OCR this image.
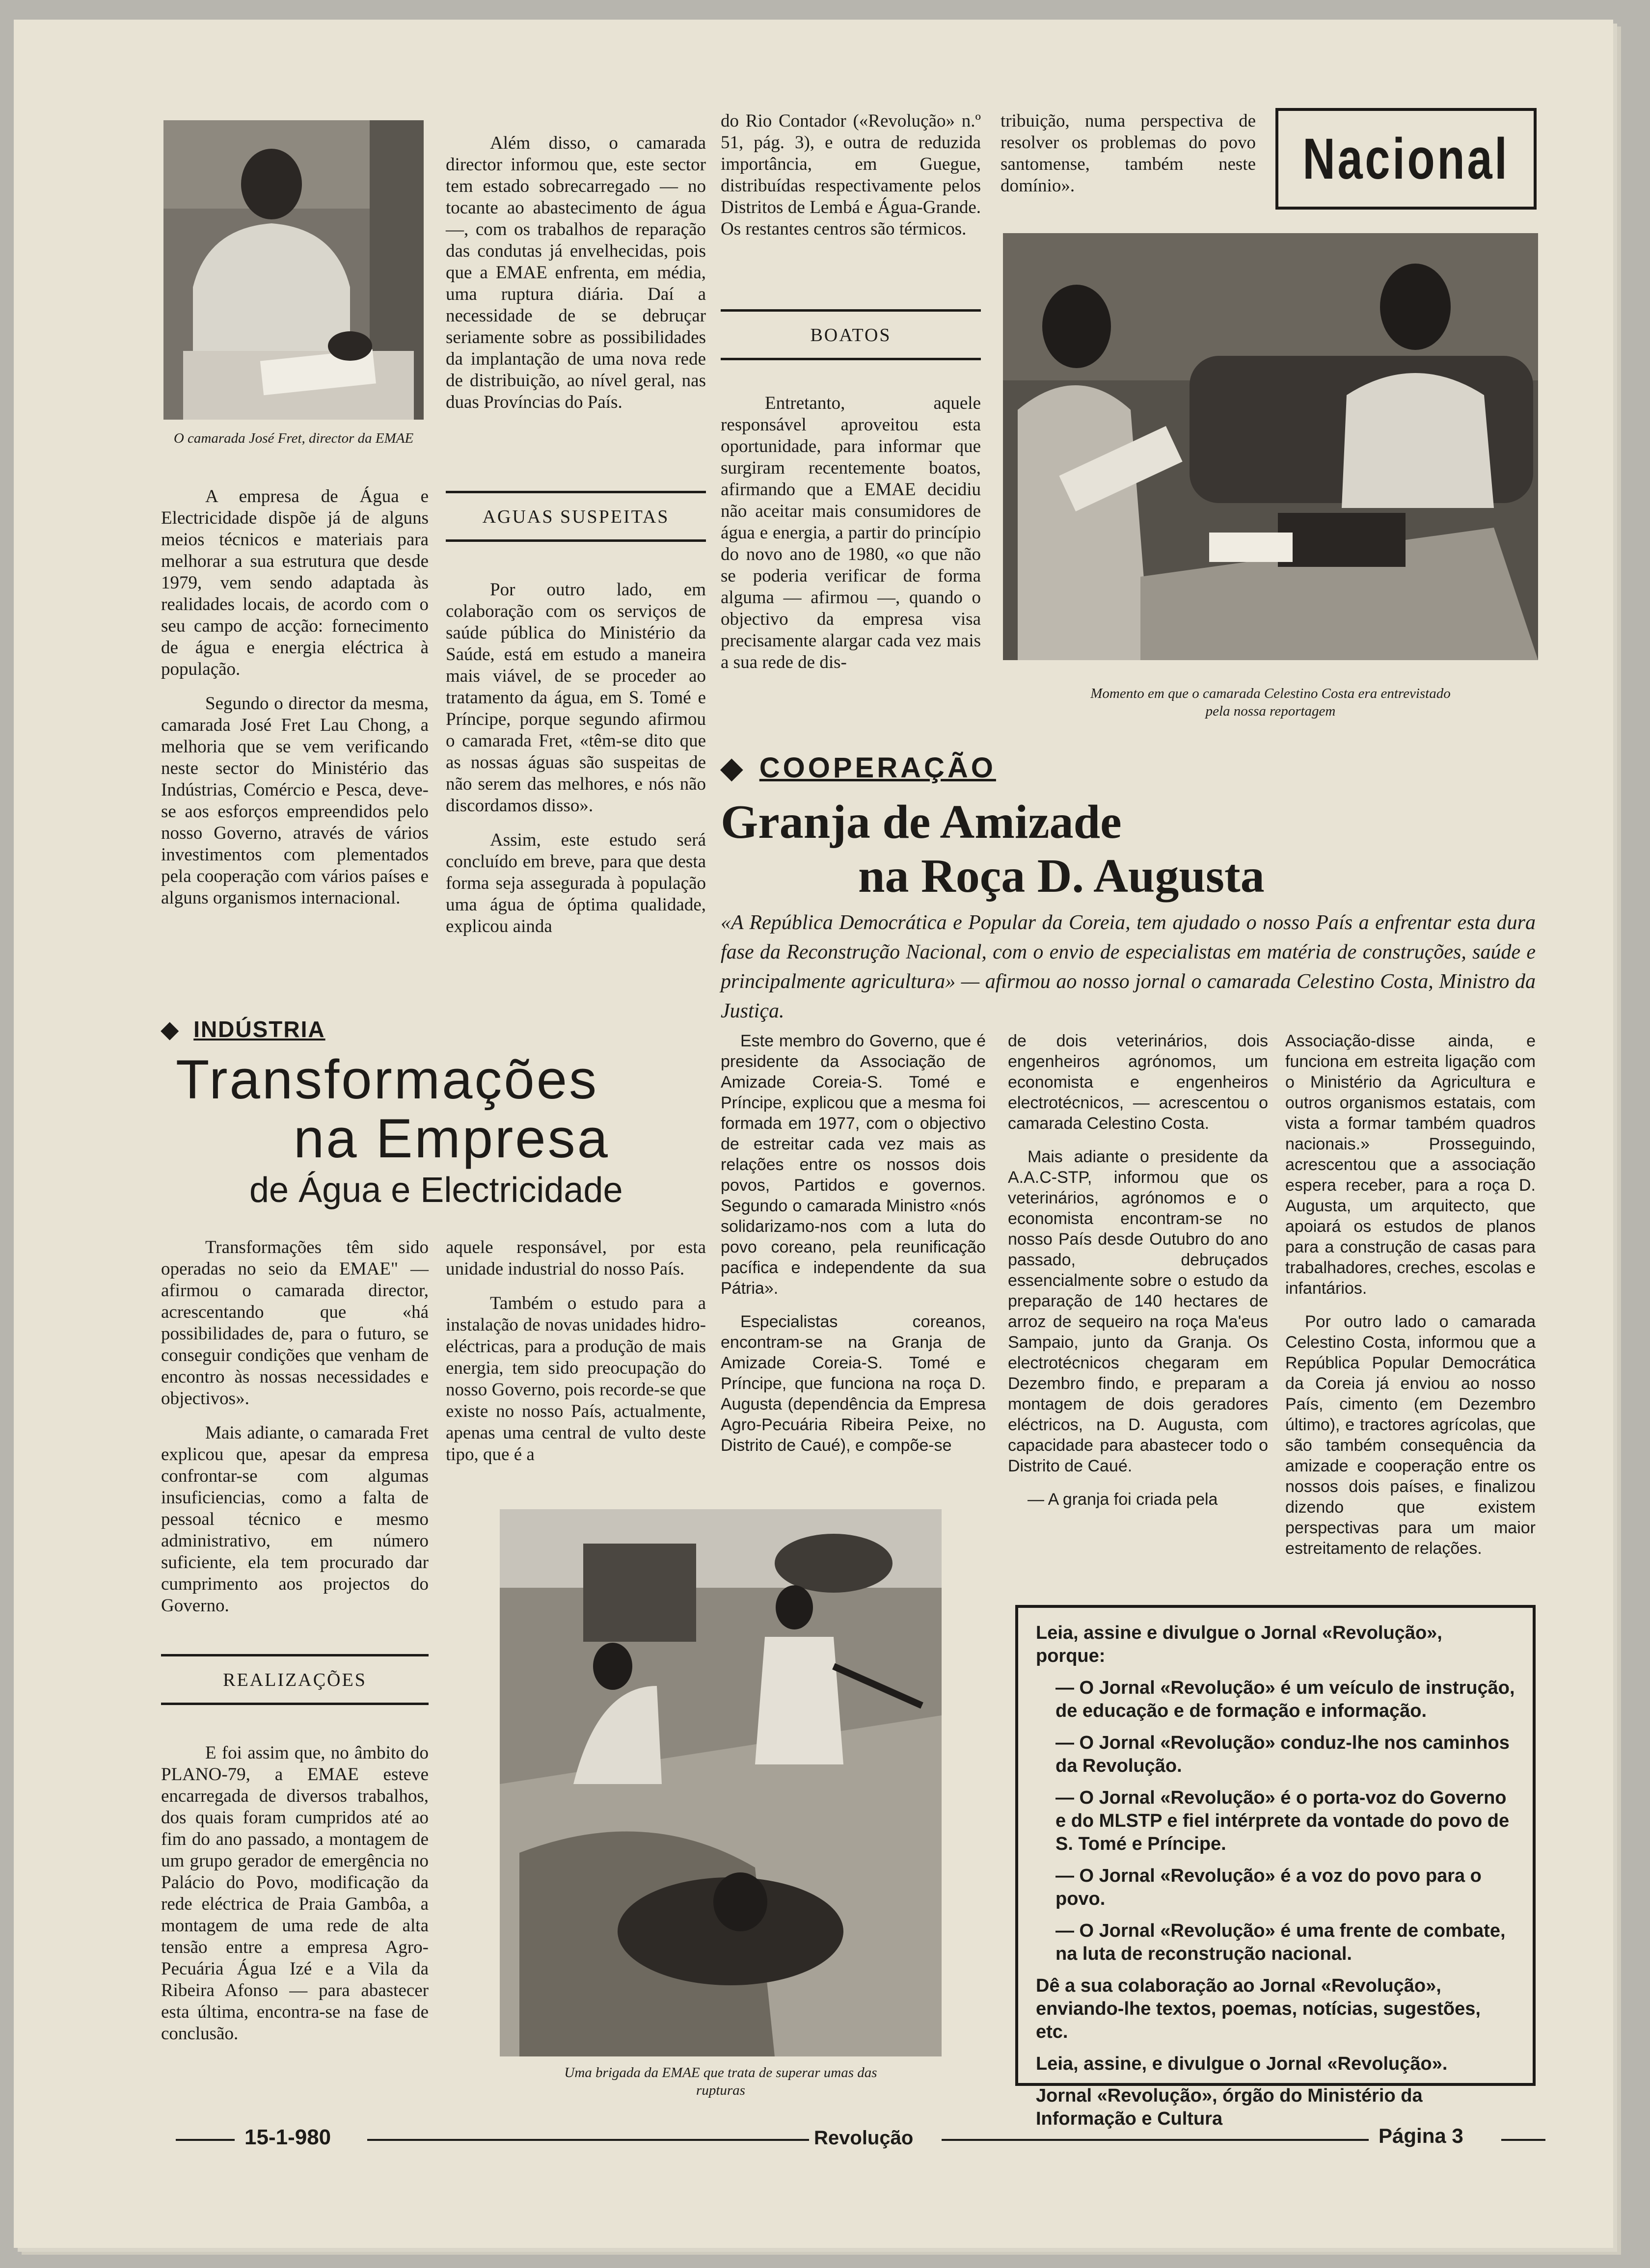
O camarada José Fret, director da EMAE

A empresa de Água e Electricidade dispõe já de alguns meios técnicos e materiais para melhorar a sua estrutura que desde 1979, vem sendo adaptada às realidades locais, de acordo com o seu campo de acção: fornecimento de água e energia eléctrica à população.

Segundo o director da mesma, camarada José Fret Lau Chong, a melhoria que se vem verificando neste sector do Ministério das Indústrias, Comércio e Pesca, deve-se aos esforços empreendidos pelo nosso Governo, através de vários investimentos com plementados pela cooperação com vários países e alguns organismos internacional.

Além disso, o camarada director informou que, este sector tem estado sobrecarregado — no tocante ao abastecimento de água —, com os trabalhos de reparação das condutas já envelhecidas, pois que a EMAE enfrenta, em média, uma ruptura diária. Daí a necessidade de se debruçar seriamente sobre as possibilidades da implantação de uma nova rede de distribuição, ao nível geral, nas duas Províncias do País.

AGUAS SUSPEITAS

Por outro lado, em colaboração com os serviços de saúde pública do Ministério da Saúde, está em estudo a maneira mais viável, de se proceder ao tratamento da água, em S. Tomé e Príncipe, porque segundo afirmou o camarada Fret, «têm-se dito que as nossas águas são suspeitas de não serem das melhores, e nós não discordamos disso».

Assim, este estudo será concluído em breve, para que desta forma seja assegurada à população uma água de óptima qualidade, explicou ainda

do Rio Contador («Revolução» n.º 51, pág. 3), e outra de reduzida importância, em Guegue, distribuídas respectivamente pelos Distritos de Lembá e Água-Grande. Os restantes centros são térmicos.

BOATOS

Entretanto, aquele responsável aproveitou esta oportunidade, para informar que surgiram recentemente boatos, afirmando que a EMAE decidiu não aceitar mais consumidores de água e energia, a partir do princípio do novo ano de 1980, «o que não se poderia verificar de forma alguma — afirmou —, quando o objectivo da empresa visa precisamente alargar cada vez mais a sua rede de dis-

tribuição, numa perspectiva de resolver os problemas do povo santomense, também neste domínio».	Nacional
Momento em que o camarada Celestino Costa era entrevistado pela nossa reportagem
◆ INDÚSTRIA
Transformações
na Empresa
de Água e Electricidade

Transformações têm sido operadas no seio da EMAE" — afirmou o camarada director, acrescentando que «há possibilidades de, para o futuro, se conseguir condições que venham de encontro às nossas necessidades e objectivos».

Mais adiante, o camarada Fret explicou que, apesar da empresa confrontar-se com algumas insuficiencias, como a falta de pessoal técnico e mesmo administrativo, em número suficiente, ela tem procurado dar cumprimento aos projectos do Governo.

REALIZAÇÕES

E foi assim que, no âmbito do PLANO-79, a EMAE esteve encarregada de diversos trabalhos, dos quais foram cumpridos até ao fim do ano passado, a montagem de um grupo gerador de emergência no Palácio do Povo, modificação da rede eléctrica de Praia Gambôa, a montagem de uma rede de alta tensão entre a empresa Agro-Pecuária Água Izé e a Vila da Ribeira Afonso — para abastecer esta última, encontra-se na fase de conclusão.

aquele responsável, por esta unidade industrial do nosso País.

Também o estudo para a instalação de novas unidades hidro-eléctricas, para a produção de mais energia, tem sido preocupação do nosso Governo, pois recorde-se que existe no nosso País, actualmente, apenas uma central de vulto deste tipo, que é a

Uma brigada da EMAE que trata de superar umas das rupturas
◆ COOPERAÇÃO
Granja de Amizade
na Roça D. Augusta
«A República Democrática e Popular da Coreia, tem ajudado o nosso País a enfrentar esta dura fase da Reconstrução Nacional, com o envio de especialistas em matéria de construções, saúde e principalmente agricultura» — afirmou ao nosso jornal o camarada Celestino Costa, Ministro da Justiça.

Este membro do Governo, que é presidente da Associação de Amizade Coreia-S. Tomé e Príncipe, explicou que a mesma foi formada em 1977, com o objectivo de estreitar cada vez mais as relações entre os nossos dois povos, Partidos e governos. Segundo o camarada Ministro «nós solidarizamo-nos com a luta do povo coreano, pela reunificação pacífica e independente da sua Pátria».

Especialistas coreanos, encontram-se na Granja de Amizade Coreia-S. Tomé e Príncipe, que funciona na roça D. Augusta (dependência da Empresa Agro-Pecuária Ribeira Peixe, no Distrito de Caué), e compõe-se

de dois veterinários, dois engenheiros agrónomos, um economista e engenheiros electrotécnicos, — acrescentou o camarada Celestino Costa.

Mais adiante o presidente da A.A.C-STP, informou que os veterinários, agrónomos e o economista encontram-se no nosso País desde Outubro do ano passado, debruçados essencialmente sobre o estudo da preparação de 140 hectares de arroz de sequeiro na roça Ma'eus Sampaio, junto da Granja. Os electrotécnicos chegaram em Dezembro findo, e preparam a montagem de dois geradores eléctricos, na D. Augusta, com capacidade para abastecer todo o Distrito de Caué.

— A granja foi criada pela

Associação-disse ainda, e funciona em estreita ligação com o Ministério da Agricultura e outros organismos estatais, com vista a formar também quadros nacionais.» Prosseguindo, acrescentou que a associação espera receber, para a roça D. Augusta, um arquitecto, que apoiará os estudos de planos para a construção de casas para trabalhadores, creches, escolas e infantários.

Por outro lado o camarada Celestino Costa, informou que a República Popular Democrática da Coreia já enviou ao nosso País, cimento (em Dezembro último), e tractores agrícolas, que são também consequência da amizade e cooperação entre os nossos dois países, e finalizou dizendo que existem perspectivas para um maior estreitamento de relações.

Leia, assine e divulgue o Jornal «Revolução», porque:
— O Jornal «Revolução» é um veículo de instrução, de educação e de formação e informação.
— O Jornal «Revolução» conduz-lhe nos caminhos da Revolução.
— O Jornal «Revolução» é o porta-voz do Governo e do MLSTP e fiel intérprete da vontade do povo de S. Tomé e Príncipe.
— O Jornal «Revolução» é a voz do povo para o povo.
— O Jornal «Revolução» é uma frente de combate, na luta de reconstrução nacional.
Dê a sua colaboração ao Jornal «Revolução», enviando-lhe textos, poemas, notícias, sugestões, etc.
Leia, assine, e divulgue o Jornal «Revolução».
Jornal «Revolução», órgão do Ministério da Informação e Cultura
15-1-980	Revolução	Página 3
